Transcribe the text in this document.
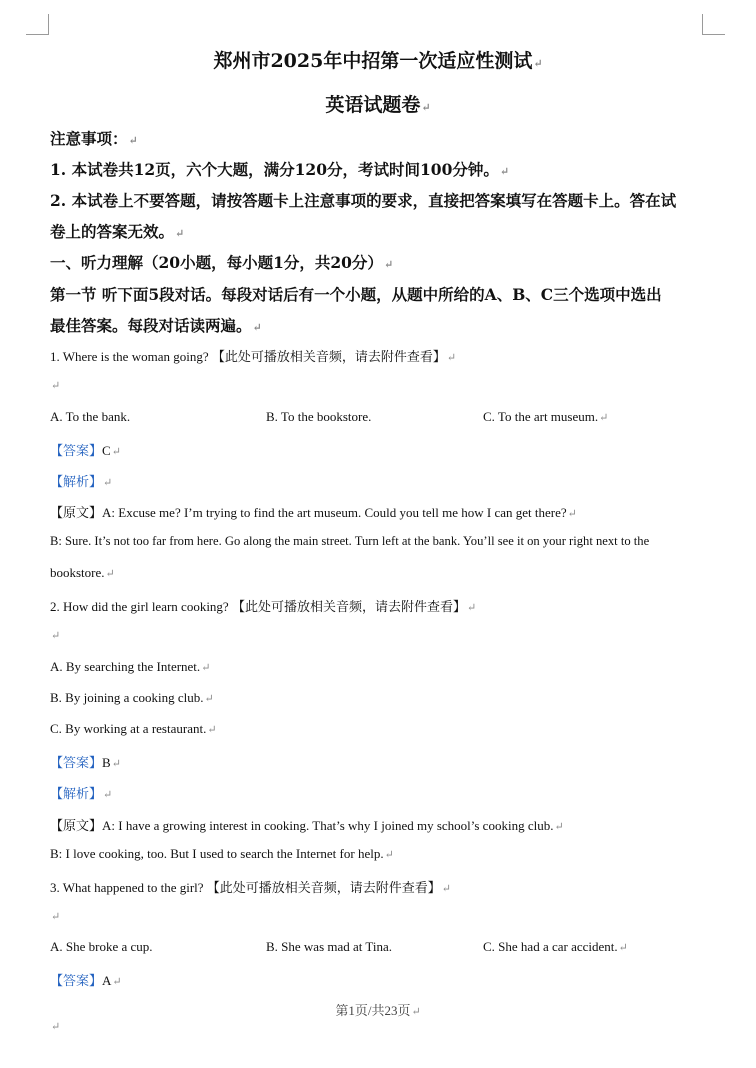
郑州市2025年中招第一次适应性测试↵
英语试题卷↵
注意事项：↵
1. 本试卷共12页，六个大题，满分120分，考试时间100分钟。↵
2. 本试卷上不要答题，请按答题卡上注意事项的要求，直接把答案填写在答题卡上。答在试
卷上的答案无效。↵
一、听力理解（20小题，每小题1分，共20分）↵
第一节 听下面5段对话。每段对话后有一个小题，从题中所给的A、B、C三个选项中选出
最佳答案。每段对话读两遍。↵
1. Where is the woman going? 【此处可播放相关音频，请去附件查看】↵
↵
A. To the bank.	B. To the bookstore.	C. To the art museum.↵
【答案】C↵
【解析】↵
【原文】A: Excuse me? I’m trying to find the art museum. Could you tell me how I can get there?↵
B: Sure. It’s not too far from here. Go along the main street. Turn left at the bank. You’ll see it on your right next to the
bookstore.↵
2. How did the girl learn cooking? 【此处可播放相关音频，请去附件查看】↵
↵
A. By searching the Internet.↵
B. By joining a cooking club.↵
C. By working at a restaurant.↵
【答案】B↵
【解析】↵
【原文】A: I have a growing interest in cooking. That’s why I joined my school’s cooking club.↵
B: I love cooking, too. But I used to search the Internet for help.↵
3. What happened to the girl? 【此处可播放相关音频，请去附件查看】↵
↵
A. She broke a cup.	B. She was mad at Tina.	C. She had a car accident.↵
【答案】A↵
第1页/共23页↵
↵
